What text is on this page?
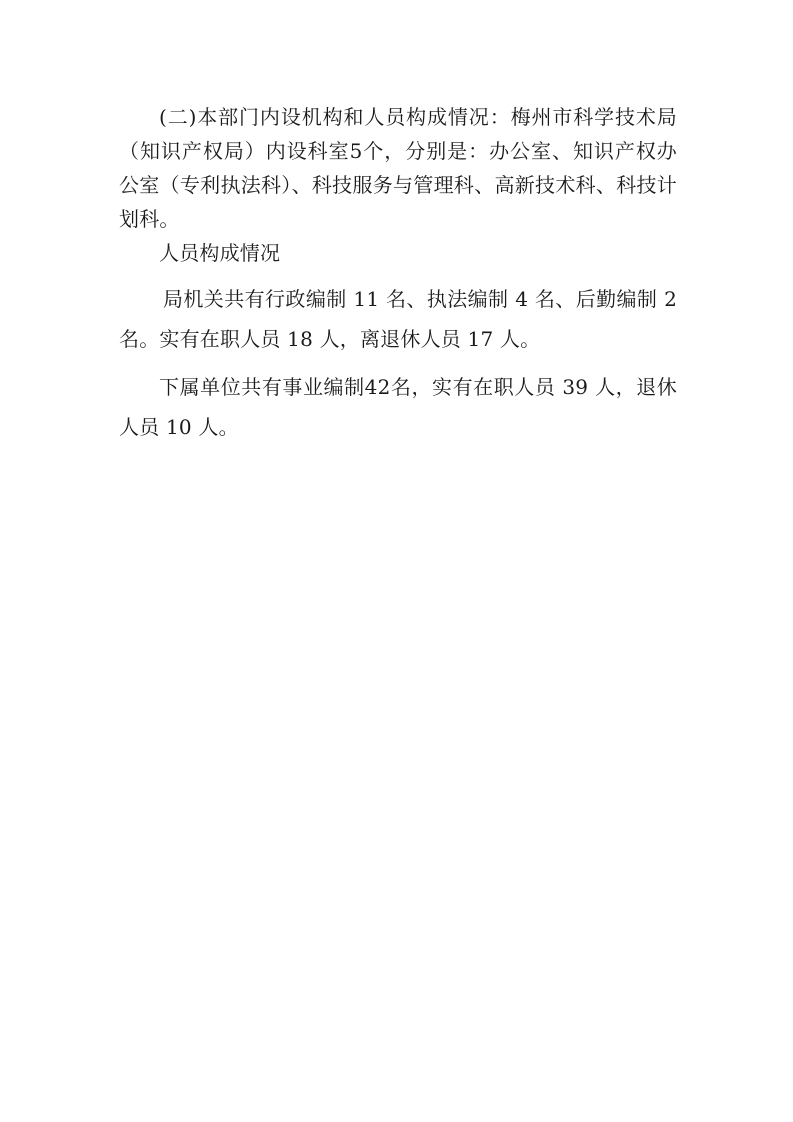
(二)本部门内设机构和人员构成情况：梅州市科学技术局（知识产权局）内设科室5个，分别是：办公室、知识产权办公室（专利执法科）、科技服务与管理科、高新技术科、科技计划科。

人员构成情况

局机关共有行政编制 11 名、执法编制 4 名、后勤编制 2 名。实有在职人员 18 人，离退休人员 17 人。

下属单位共有事业编制42名，实有在职人员 39 人，退休人员 10 人。
